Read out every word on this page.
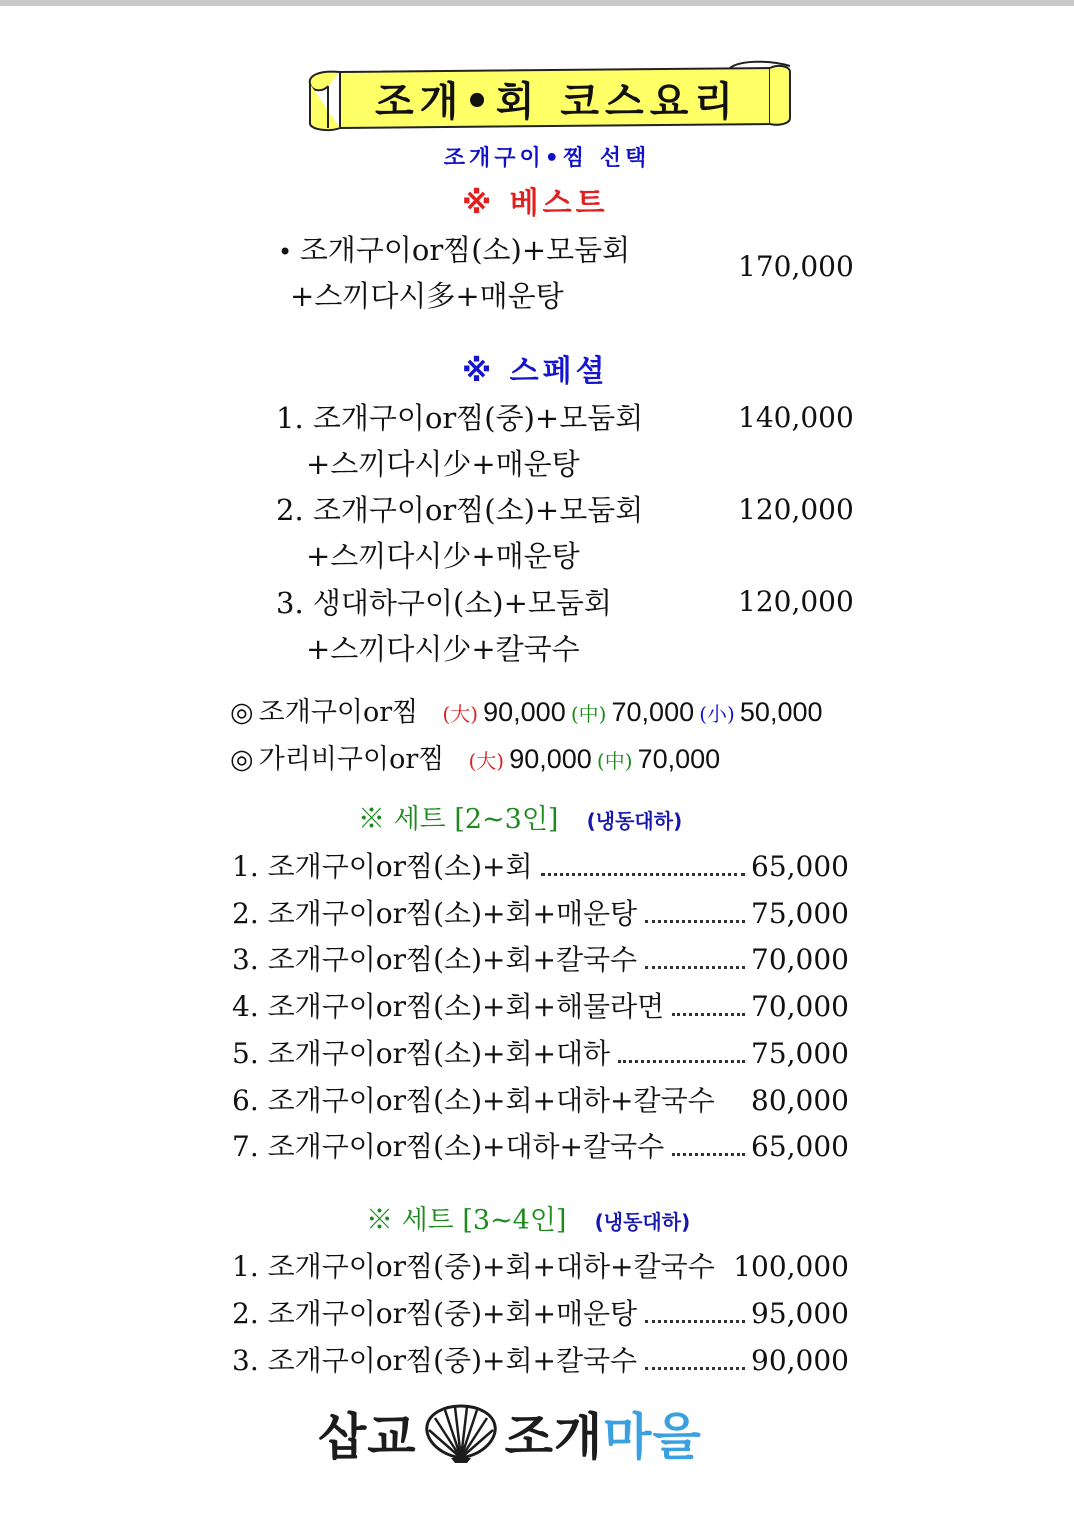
조개•회 코스요리
조개구이•찜 선택
※ 베스트
• 조개구이or찜(소)+모둠회
+스끼다시多+매운탕
170,000
※ 스페셜
1. 조개구이or찜(중)+모둠회
+스끼다시少+매운탕
140,000
2. 조개구이or찜(소)+모둠회
+스끼다시少+매운탕
120,000
3. 생대하구이(소)+모둠회
+스끼다시少+칼국수
120,000
◎ 조개구이or찜 (大) 90,000 (中) 70,000 (小) 50,000
◎ 가리비구이or찜 (大) 90,000 (中) 70,000
※ 세트 [2~3인] (냉동대하)
1. 조개구이or찜(소)+회	65,000
2. 조개구이or찜(소)+회+매운탕	75,000
3. 조개구이or찜(소)+회+칼국수	70,000
4. 조개구이or찜(소)+회+해물라면	70,000
5. 조개구이or찜(소)+회+대하	75,000
6. 조개구이or찜(소)+회+대하+칼국수 80,000
7. 조개구이or찜(소)+대하+칼국수	65,000
※ 세트 [3~4인] (냉동대하)
1. 조개구이or찜(중)+회+대하+칼국수 100,000
2. 조개구이or찜(중)+회+매운탕	95,000
3. 조개구이or찜(중)+회+칼국수	90,000
삽교 조개 마을
